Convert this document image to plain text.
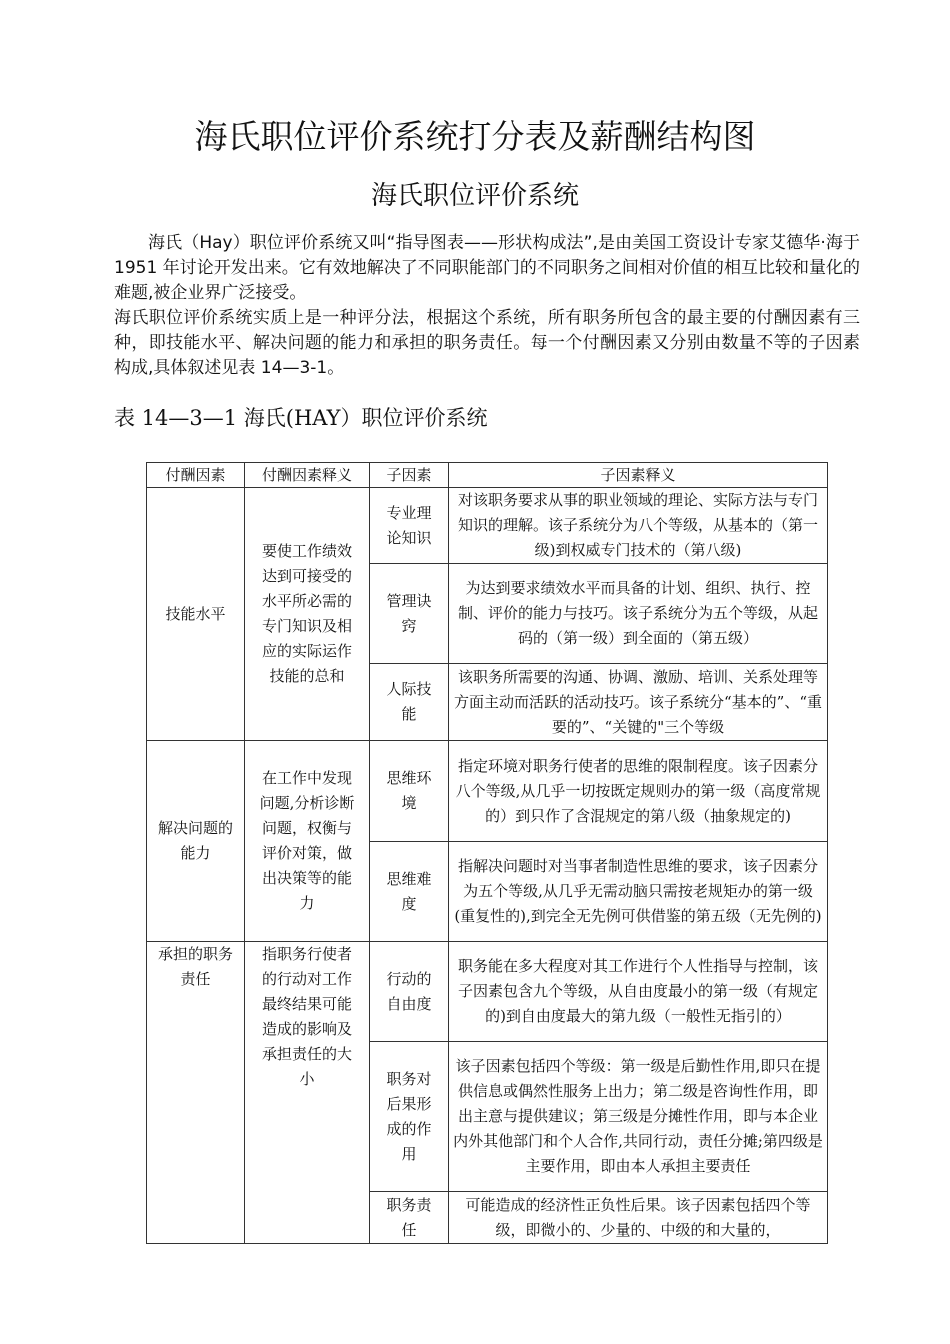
海氏职位评价系统打分表及薪酬结构图
海氏职位评价系统
海氏（Hay）职位评价系统又叫“指导图表——形状构成法”,是由美国工资设计专家艾德华·海于 1951 年讨论开发出来。它有效地解决了不同职能部门的不同职务之间相对价值的相互比较和量化的难题,被企业界广泛接受。
海氏职位评价系统实质上是一种评分法，根据这个系统，所有职务所包含的最主要的付酬因素有三种，即技能水平、解决问题的能力和承担的职务责任。每一个付酬因素又分别由数量不等的子因素构成,具体叙述见表 14—3-1。
表 14—3—1 海氏(HAY）职位评价系统
付酬因素	付酬因素释义	子因素	子因素释义
技能水平	要使工作绩效达到可接受的水平所必需的专门知识及相应的实际运作技能的总和	专业理论知识	对该职务要求从事的职业领域的理论、实际方法与专门知识的理解。该子系统分为八个等级，从基本的（第一级)到权威专门技术的（第八级)
		管理诀窍	为达到要求绩效水平而具备的计划、组织、执行、控制、评价的能力与技巧。该子系统分为五个等级，从起码的（第一级）到全面的（第五级）
		人际技能	该职务所需要的沟通、协调、激励、培训、关系处理等方面主动而活跃的活动技巧。该子系统分“基本的”、“重要的”、“关键的"三个等级
解决问题的能力	在工作中发现问题,分析诊断问题，权衡与评价对策，做出决策等的能力	思维环境	指定环境对职务行使者的思维的限制程度。该子因素分八个等级,从几乎一切按既定规则办的第一级（高度常规的）到只作了含混规定的第八级（抽象规定的)
		思维难度	指解决问题时对当事者制造性思维的要求，该子因素分为五个等级,从几乎无需动脑只需按老规矩办的第一级(重复性的),到完全无先例可供借鉴的第五级（无先例的)
承担的职务责任	指职务行使者的行动对工作最终结果可能造成的影响及承担责任的大小	行动的自由度	职务能在多大程度对其工作进行个人性指导与控制，该子因素包含九个等级，从自由度最小的第一级（有规定的)到自由度最大的第九级（一般性无指引的）
		职务对后果形成的作用	该子因素包括四个等级：第一级是后勤性作用,即只在提供信息或偶然性服务上出力；第二级是咨询性作用，即出主意与提供建议；第三级是分摊性作用，即与本企业内外其他部门和个人合作,共同行动，责任分摊;第四级是主要作用，即由本人承担主要责任
		职务责任	可能造成的经济性正负性后果。该子因素包括四个等级，即微小的、少量的、中级的和大量的，
